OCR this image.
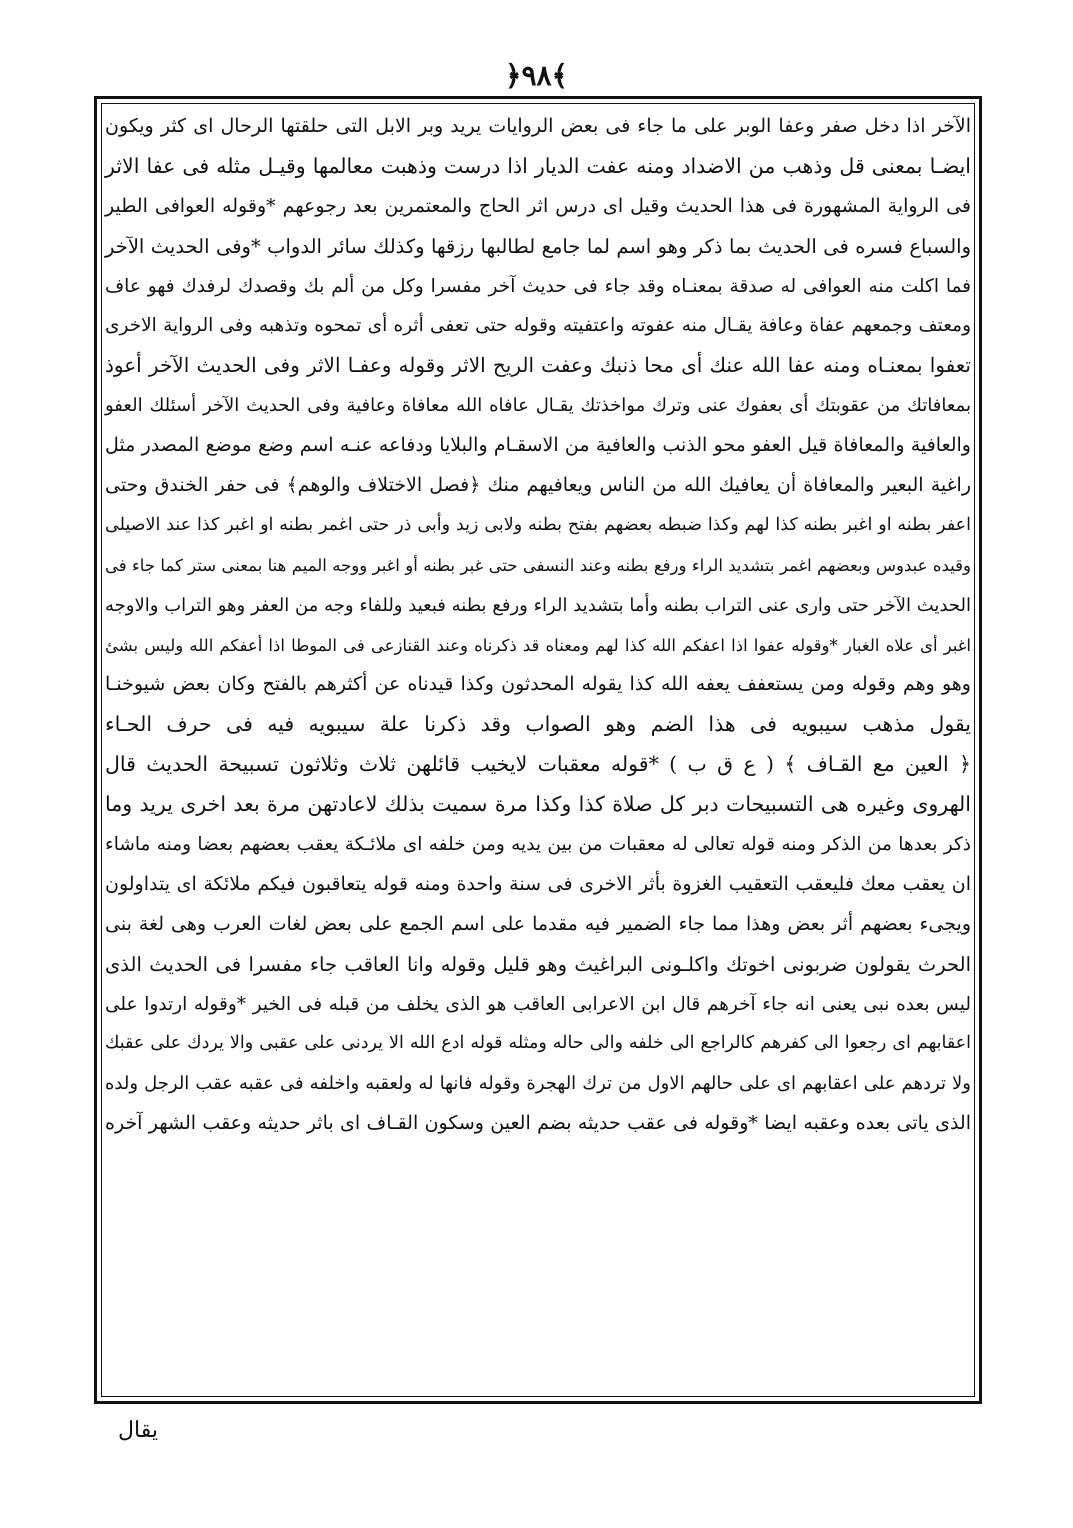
﴿٩٨﴾
الآخر اذا دخل صفر وعفا الوبر على ما جاء فى بعض الروايات يريد وبر الابل التى حلقتها الرحال اى كثر ويكون
ايضـا بمعنى قل وذهب من الاضداد ومنه عفت الديار اذا درست وذهبت معالمها وقيـل مثله فى عفا الاثر
فى الرواية المشهورة فى هذا الحديث وقيل اى درس اثر الحاج والمعتمرين بعد رجوعهم *وقوله العوافى الطير
والسباع فسره فى الحديث بما ذكر وهو اسم لما جامع لطالبها رزقها وكذلك سائر الدواب *وفى الحديث الآخر
فما اكلت منه العوافى له صدقة بمعنـاه وقد جاء فى حديث آخر مفسرا وكل من ألم بك وقصدك لرفدك فهو عاف
ومعتف وجمعهم عفاة وعافة يقـال منه عفوته واعتفيته وقوله حتى تعفى أثره أى تمحوه وتذهبه وفى الرواية الاخرى
تعفوا بمعنـاه ومنه عفا الله عنك أى محا ذنبك وعفت الريح الاثر وقوله وعفـا الاثر وفى الحديث الآخر أعوذ
بمعافاتك من عقوبتك أى بعفوك عنى وترك مواخذتك يقـال عافاه الله معافاة وعافية وفى الحديث الآخر أسئلك العفو
والعافية والمعافاة قيل العفو محو الذنب والعافية من الاسقـام والبلايا ودفاعه عنـه اسم وضع موضع المصدر مثل
راغية البعير والمعافاة أن يعافيك الله من الناس ويعافيهم منك ﴿فصل الاختلاف والوهم﴾ فى حفر الخندق وحتى
اعفر بطنه او اغبر بطنه كذا لهم وكذا ضبطه بعضهم بفتح بطنه ولابى زيد وأبى ذر حتى اغمر بطنه او اغبر كذا عند الاصيلى
وقيده عبدوس وبعضهم اغمر بتشديد الراء ورفع بطنه وعند النسفى حتى غبر بطنه أو اغبر ووجه الميم هنا بمعنى ستر كما جاء فى
الحديث الآخر حتى وارى عنى التراب بطنه وأما بتشديد الراء ورفع بطنه فبعيد وللفاء وجه من العفر وهو التراب والاوجه
اغبر أى علاه الغبار *وقوله عفوا اذا اعفكم الله كذا لهم ومعناه قد ذكرناه وعند القنازعى فى الموطا اذا أعفكم الله وليس بشئ
وهو وهم وقوله ومن يستعفف يعفه الله كذا يقوله المحدثون وكذا قيدناه عن أكثرهم بالفتح وكان بعض شيوخنـا
يقول مذهب سيبويه فى هذا الضم وهو الصواب وقد ذكرنا علة سيبويه فيه فى حرف الحـاء
﴿ العين مع القـاف ﴾ ( ع ق ب ) *قوله معقبات لايخيب قائلهن ثلاث وثلاثون تسبيحة الحديث قال
الهروى وغيره هى التسبيحات دبر كل صلاة كذا وكذا مرة سميت بذلك لاعادتهن مرة بعد اخرى يريد وما
ذكر بعدها من الذكر ومنه قوله تعالى له معقبات من بين يديه ومن خلفه اى ملائـكة يعقب بعضهم بعضا ومنه ماشاء
ان يعقب معك فليعقب التعقيب الغزوة بأثر الاخرى فى سنة واحدة ومنه قوله يتعاقبون فيكم ملائكة اى يتداولون
ويجىء بعضهم أثر بعض وهذا مما جاء الضمير فيه مقدما على اسم الجمع على بعض لغات العرب وهى لغة بنى
الحرث يقولون ضربونى اخوتك واكلـونى البراغيث وهو قليل وقوله وانا العاقب جاء مفسرا فى الحديث الذى
ليس بعده نبى يعنى انه جاء آخرهم قال ابن الاعرابى العاقب هو الذى يخلف من قبله فى الخير *وقوله ارتدوا على
اعقابهم اى رجعوا الى كفرهم كالراجع الى خلفه والى حاله ومثله قوله ادع الله الا يردنى على عقبى والا يردك على عقبك
ولا تردهم على اعقابهم اى على حالهم الاول من ترك الهجرة وقوله فانها له ولعقبه واخلفه فى عقبه عقب الرجل ولده
الذى ياتى بعده وعقبه ايضا *وقوله فى عقب حديثه بضم العين وسكون القـاف اى باثر حديثه وعقب الشهر آخره
يقال
